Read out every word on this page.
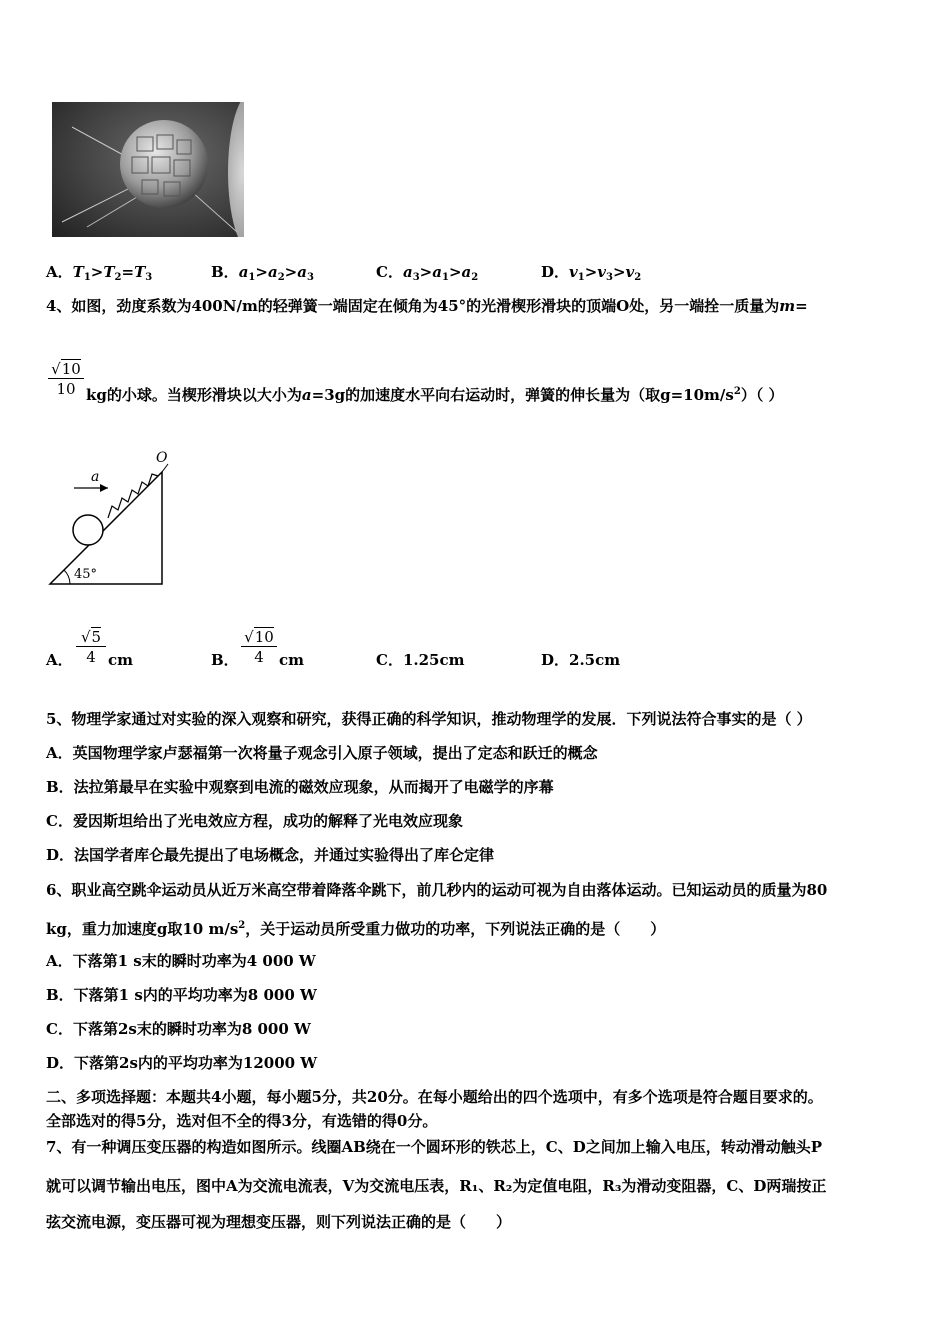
A．$T_1>T_2=T_3$	B．$a_1>a_2>a_3$	C．$a_3>a_1>a_2$	D．$v_1>v_3>v_2$
4、如图，劲度系数为400N/m的轻弹簧一端固定在倾角为45°的光滑楔形滑块的顶端O处，另一端拴一质量为m=
$\frac{√10}{10}$ kg的小球。当楔形滑块以大小为a=3g的加速度水平向右运动时，弹簧的伸长量为（取$g=10m/s^2$）（ ）
a
O
45°
A． $\frac{√5}{4}$ cm	B． $\frac{√10}{4}$ cm	C．1.25cm	D．2.5cm
5、物理学家通过对实验的深入观察和研究，获得正确的科学知识，推动物理学的发展．下列说法符合事实的是（ ）
A．英国物理学家卢瑟福第一次将量子观念引入原子领域，提出了定态和跃迁的概念
B．法拉第最早在实验中观察到电流的磁效应现象，从而揭开了电磁学的序幕
C．爱因斯坦给出了光电效应方程，成功的解释了光电效应现象
D．法国学者库仑最先提出了电场概念，并通过实验得出了库仑定律
6、职业高空跳伞运动员从近万米高空带着降落伞跳下，前几秒内的运动可视为自由落体运动。已知运动员的质量为80
kg，重力加速度g取10 $m/s^2$，关于运动员所受重力做功的功率，下列说法正确的是（　　）
A．下落第1 s末的瞬时功率为4 000 W
B．下落第1 s内的平均功率为8 000 W
C．下落第2s末的瞬时功率为8 000 W
D．下落第2s内的平均功率为12000 W
二、多项选择题：本题共4小题，每小题5分，共20分。在每小题给出的四个选项中，有多个选项是符合题目要求的。
全部选对的得5分，选对但不全的得3分，有选错的得0分。
7、有一种调压变压器的构造如图所示。线圈AB绕在一个圆环形的铁芯上，C、D之间加上输入电压，转动滑动触头P
就可以调节输出电压，图中A为交流电流表，V为交流电压表，R₁、R₂为定值电阻，R₃为滑动变阻器，C、D两瑞按正
弦交流电源，变压器可视为理想变压器，则下列说法正确的是（　　）
